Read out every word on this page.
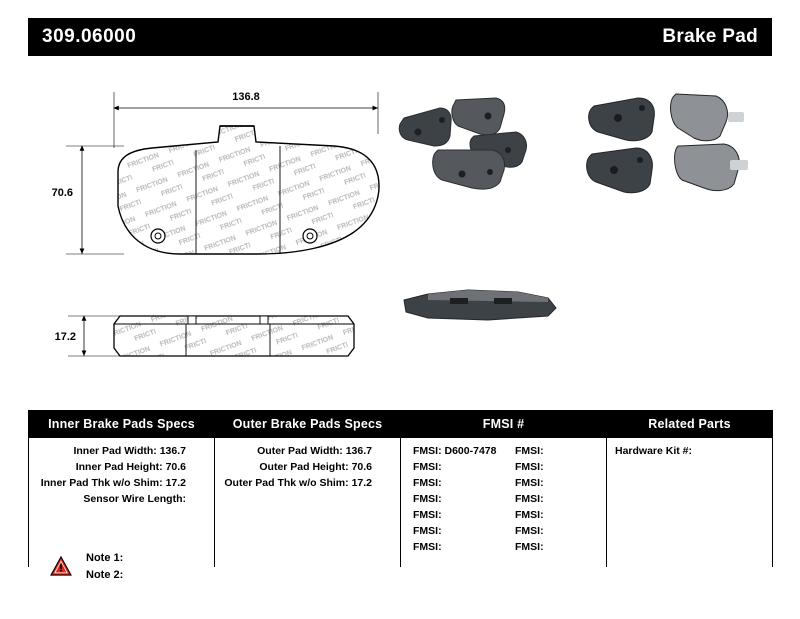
309.06000	Brake Pad
136.8
70.6
17.2
Inner Brake Pads Specs
Inner Pad Width: 136.7
Inner Pad Height: 70.6
Inner Pad Thk w/o Shim: 17.2
Sensor Wire Length:
Outer Brake Pads Specs
Outer Pad Width: 136.7
Outer Pad Height: 70.6
Outer Pad Thk w/o Shim: 17.2
FMSI #
FMSI: D600-7478	FMSI:
FMSI:	FMSI:
FMSI:	FMSI:
FMSI:	FMSI:
FMSI:	FMSI:
FMSI:	FMSI:
FMSI:	FMSI:
Related Parts
Hardware Kit #:
Note 1:
Note 2:
